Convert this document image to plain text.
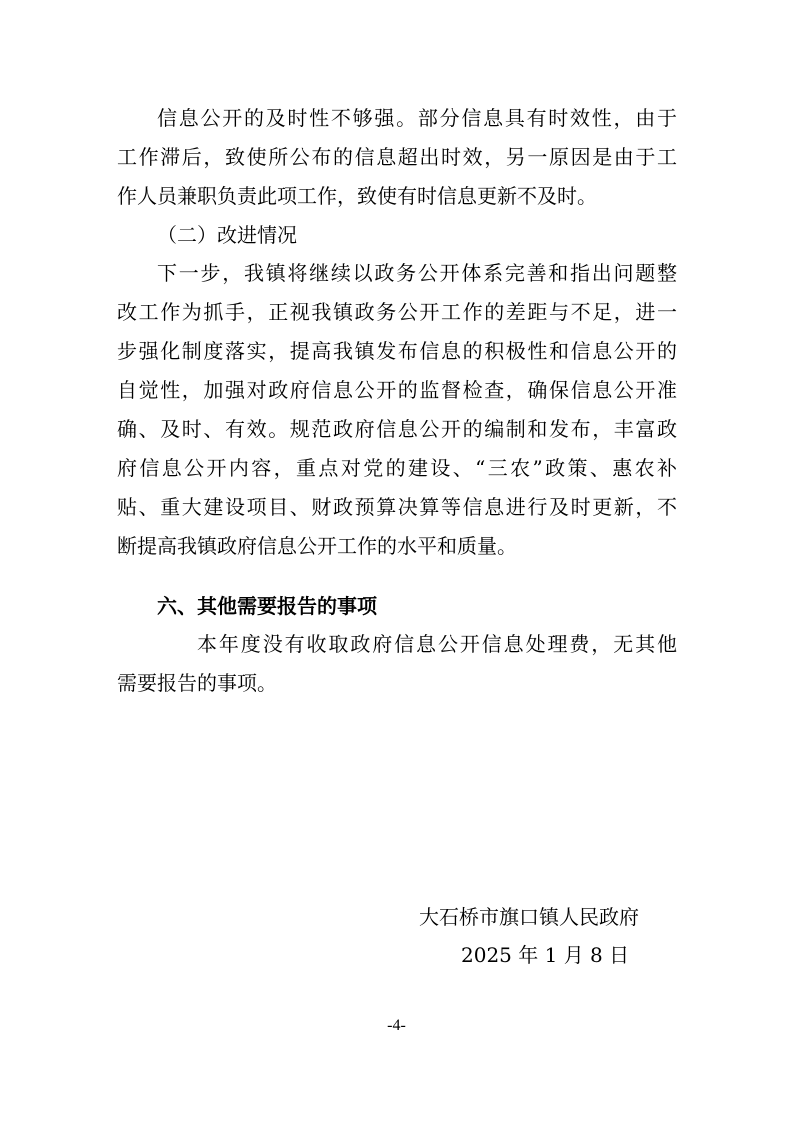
信息公开的及时性不够强。部分信息具有时效性，由于
工作滞后，致使所公布的信息超出时效，另一原因是由于工
作人员兼职负责此项工作，致使有时信息更新不及时。
（二）改进情况
下一步，我镇将继续以政务公开体系完善和指出问题整
改工作为抓手，正视我镇政务公开工作的差距与不足，进一
步强化制度落实，提高我镇发布信息的积极性和信息公开的
自觉性，加强对政府信息公开的监督检查，确保信息公开准
确、及时、有效。规范政府信息公开的编制和发布，丰富政
府信息公开内容，重点对党的建设、“三农”政策、惠农补
贴、重大建设项目、财政预算决算等信息进行及时更新，不
断提高我镇政府信息公开工作的水平和质量。
六、其他需要报告的事项
本年度没有收取政府信息公开信息处理费，无其他
需要报告的事项。
大石桥市旗口镇人民政府
2025 年 1 月 8 日
-4-
